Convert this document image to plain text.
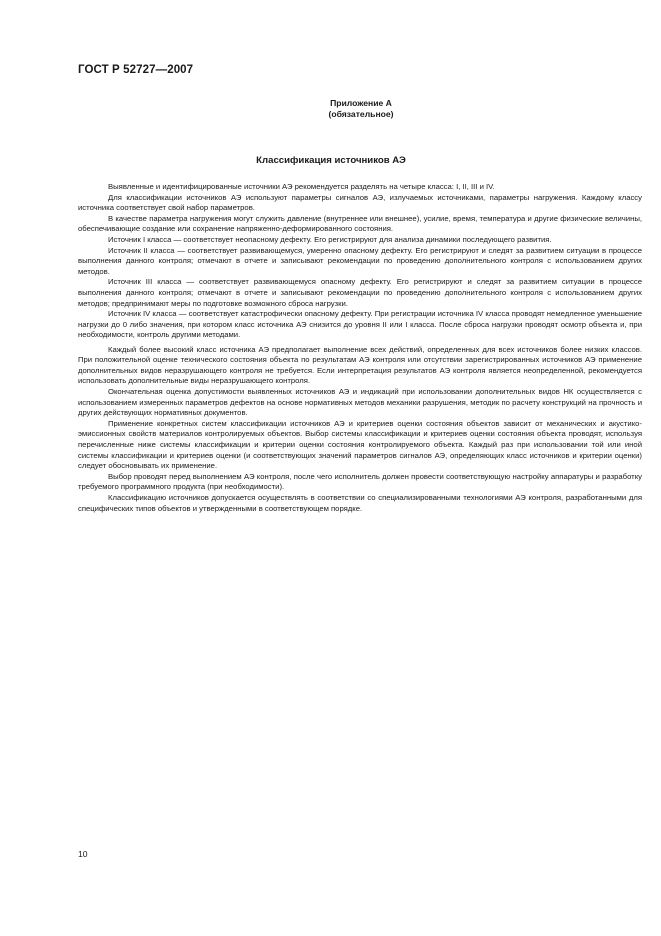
ГОСТ Р 52727—2007
Приложение А
(обязательное)
Классификация источников АЭ

Выявленные и идентифицированные источники АЭ рекомендуется разделять на четыре класса: I, II, III и IV.

Для классификации источников АЭ используют параметры сигналов АЭ, излучаемых источниками, параметры нагружения. Каждому классу источника соответствует свой набор параметров.

В качестве параметра нагружения могут служить давление (внутреннее или внешнее), усилие, время, температура и другие физические величины, обеспечивающие создание или сохранение напряженно-деформированного состояния.

Источник I класса — соответствует неопасному дефекту. Его регистрируют для анализа динамики последующего развития.

Источник II класса — соответствует развивающемуся, умеренно опасному дефекту. Его регистрируют и следят за развитием ситуации в процессе выполнения данного контроля; отмечают в отчете и записывают рекомендации по проведению дополнительного контроля с использованием других методов.

Источник III класса — соответствует развивающемуся опасному дефекту. Его регистрируют и следят за развитием ситуации в процессе выполнения данного контроля; отмечают в отчете и записывают рекомендации по проведению дополнительного контроля с использованием других методов; предпринимают меры по подготовке возможного сброса нагрузки.

Источник IV класса — соответствует катастрофически опасному дефекту. При регистрации источника IV класса проводят немедленное уменьшение нагрузки до 0 либо значения, при котором класс источника АЭ снизится до уровня II или I класса. После сброса нагрузки проводят осмотр объекта и, при необходимости, контроль другими методами.

Каждый более высокий класс источника АЭ предполагает выполнение всех действий, определенных для всех источников более низких классов. При положительной оценке технического состояния объекта по результатам АЭ контроля или отсутствии зарегистрированных источников АЭ применение дополнительных видов неразрушающего контроля не требуется. Если интерпретация результатов АЭ контроля является неопределенной, рекомендуется использовать дополнительные виды неразрушающего контроля.

Окончательная оценка допустимости выявленных источников АЭ и индикаций при использовании дополнительных видов НК осуществляется с использованием измеренных параметров дефектов на основе нормативных методов механики разрушения, методик по расчету конструкций на прочность и других действующих нормативных документов.

Применение конкретных систем классификации источников АЭ и критериев оценки состояния объектов зависит от механических и акустико-эмиссионных свойств материалов контролируемых объектов. Выбор системы классификации и критериев оценки состояния объекта проводят, используя перечисленные ниже системы классификации и критерии оценки состояния контролируемого объекта. Каждый раз при использовании той или иной системы классификации и критериев оценки (и соответствующих значений параметров сигналов АЭ, определяющих класс источников и критерии оценки) следует обосновывать их применение.

Выбор проводят перед выполнением АЭ контроля, после чего исполнитель должен провести соответствующую настройку аппаратуры и разработку требуемого программного продукта (при необходимости).

Классификацию источников допускается осуществлять в соответствии со специализированными технологиями АЭ контроля, разработанными для специфических типов объектов и утвержденными в соответствующем порядке.

10
